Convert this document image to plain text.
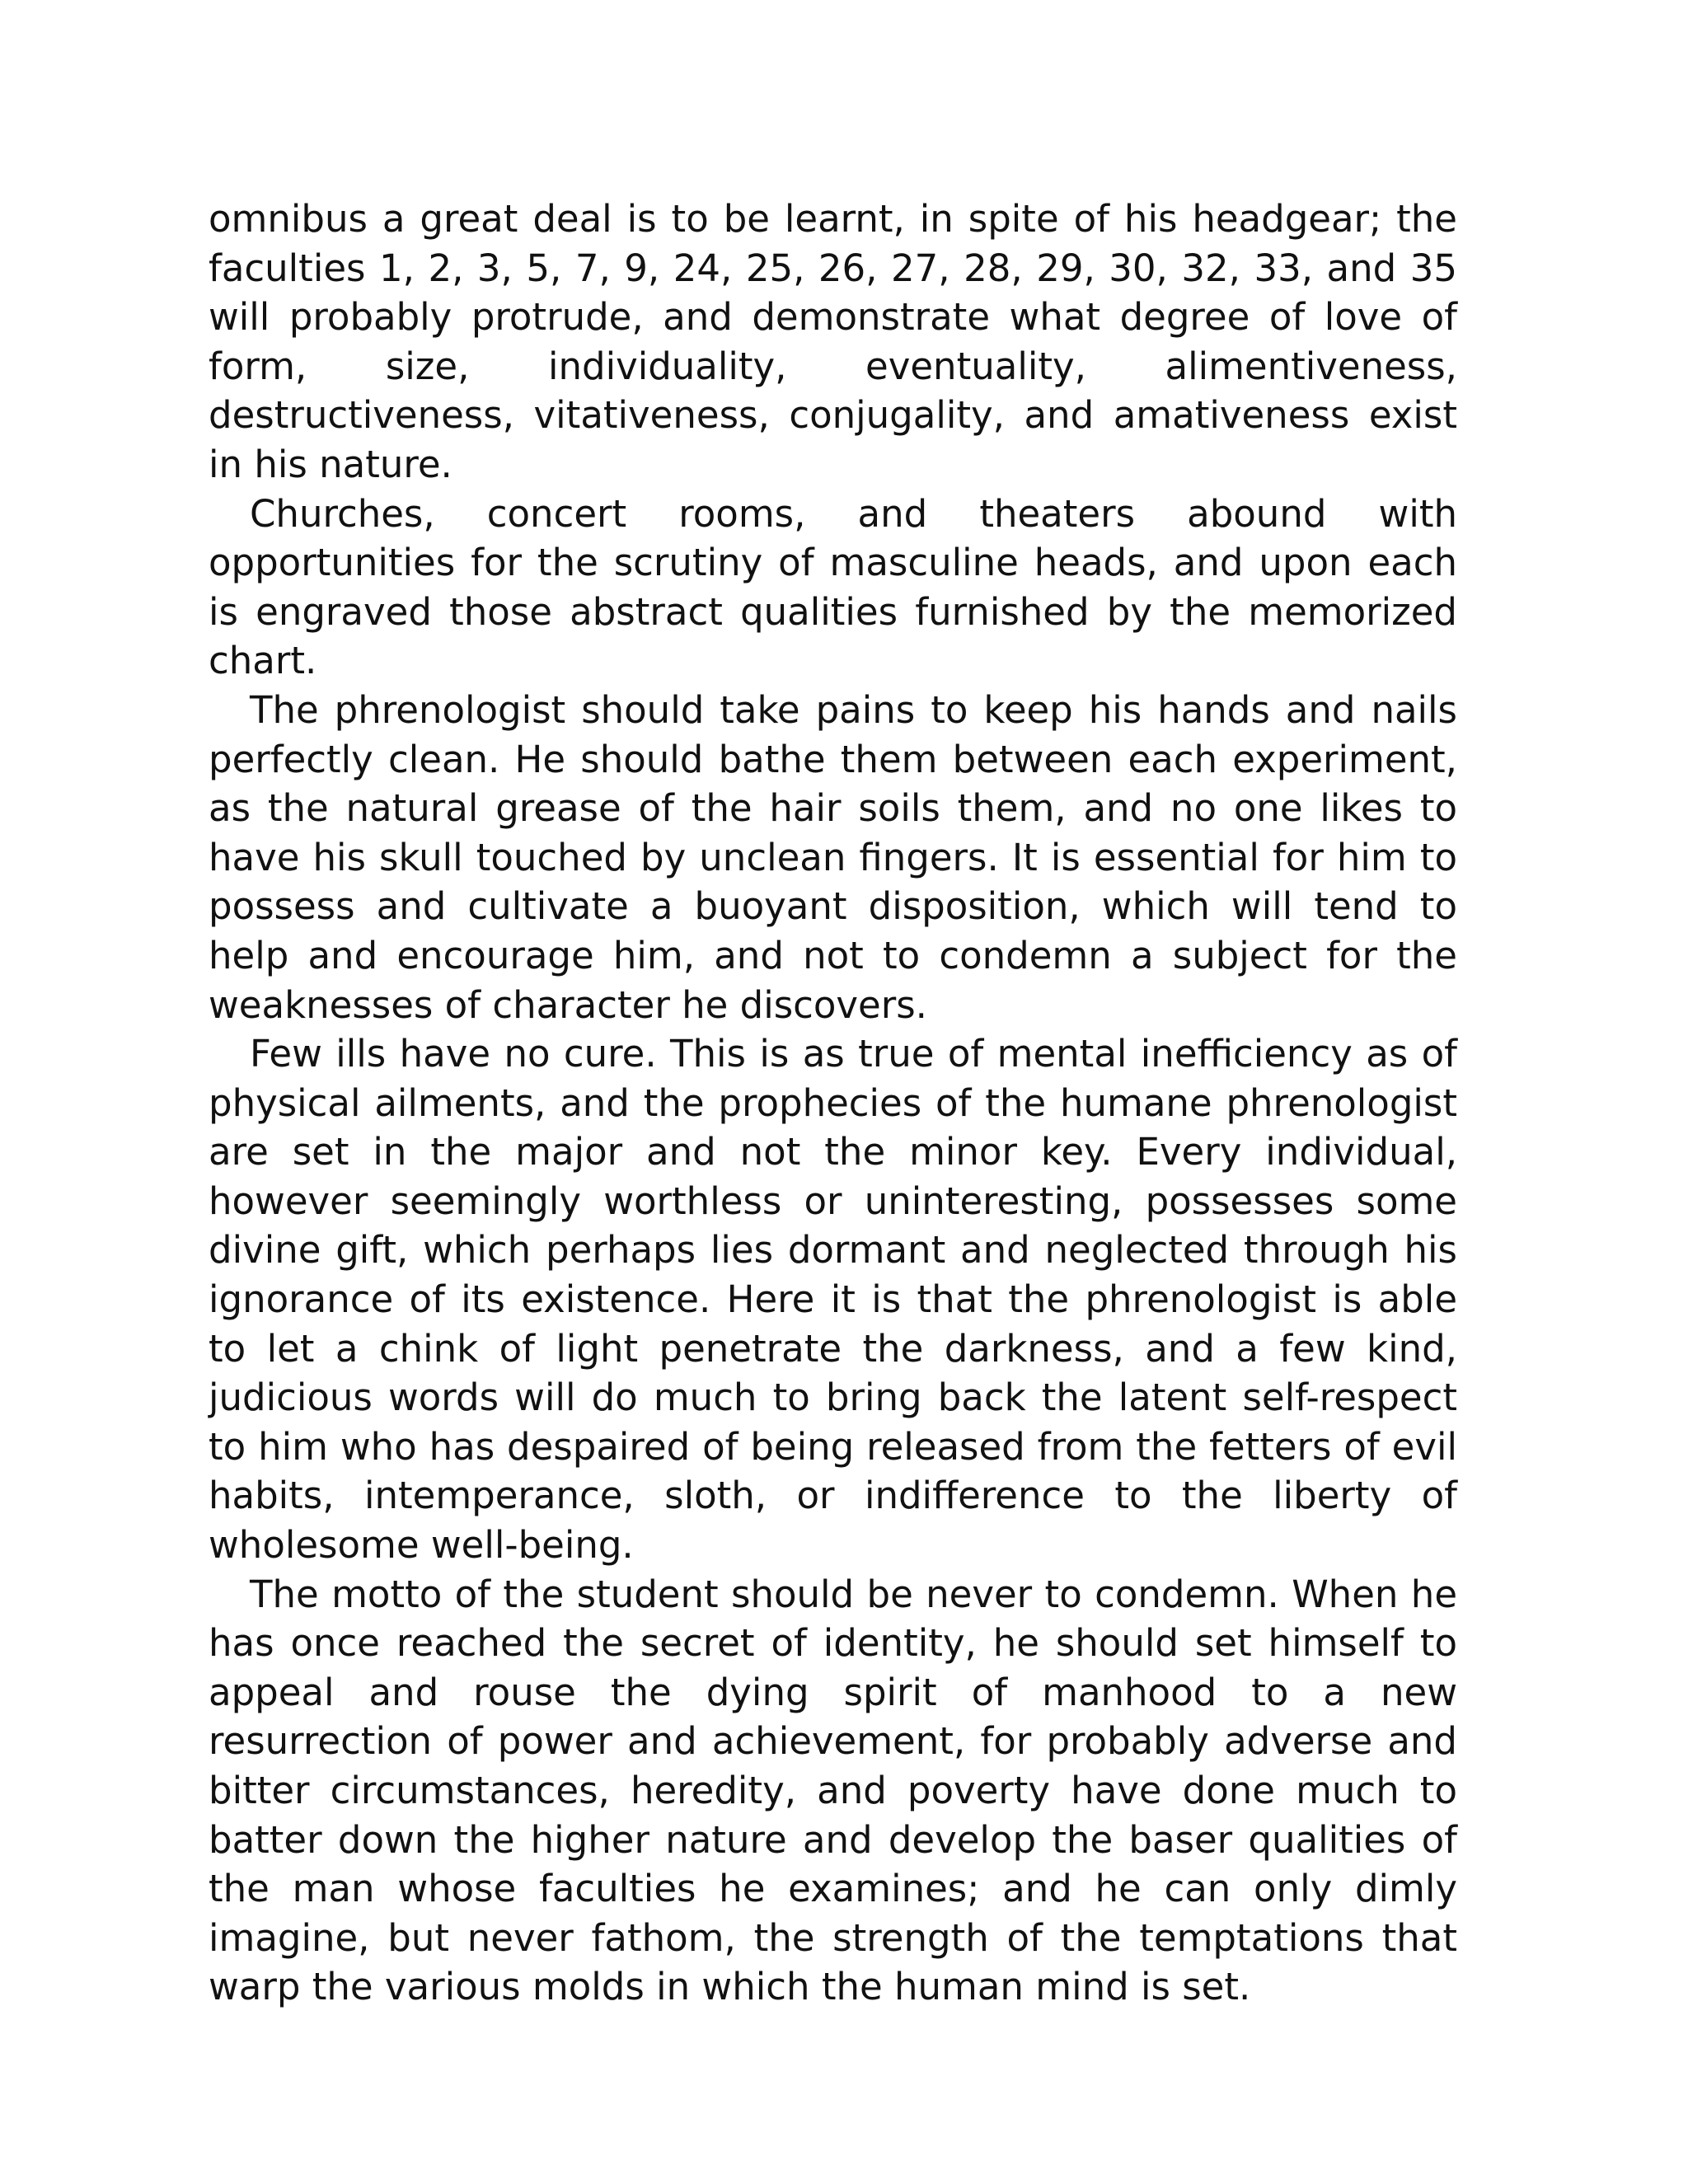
omnibus a great deal is to be learnt, in spite of his headgear; the faculties 1, 2, 3, 5, 7, 9, 24, 25, 26, 27, 28, 29, 30, 32, 33, and 35 will probably protrude, and demonstrate what degree of love of form, size, individuality, eventuality, alimentiveness, destructiveness, vitativeness, conjugality, and amativeness exist in his nature.

Churches, concert rooms, and theaters abound with opportunities for the scrutiny of masculine heads, and upon each is engraved those abstract qualities furnished by the memorized chart.

The phrenologist should take pains to keep his hands and nails perfectly clean. He should bathe them between each experiment, as the natural grease of the hair soils them, and no one likes to have his skull touched by unclean fingers. It is essential for him to possess and cultivate a buoyant disposition, which will tend to help and encourage him, and not to condemn a subject for the weaknesses of character he discovers.

Few ills have no cure. This is as true of mental inefficiency as of physical ailments, and the prophecies of the humane phrenologist are set in the major and not the minor key. Every individual, however seemingly worthless or uninteresting, possesses some divine gift, which perhaps lies dormant and neglected through his ignorance of its existence. Here it is that the phrenologist is able to let a chink of light penetrate the darkness, and a few kind, judicious words will do much to bring back the latent self-respect to him who has despaired of being released from the fetters of evil habits, intemperance, sloth, or indifference to the liberty of wholesome well-being.

The motto of the student should be never to condemn. When he has once reached the secret of identity, he should set himself to appeal and rouse the dying spirit of manhood to a new resurrection of power and achievement, for probably adverse and bitter circumstances, heredity, and poverty have done much to batter down the higher nature and develop the baser qualities of the man whose faculties he examines; and he can only dimly imagine, but never fathom, the strength of the temptations that warp the various molds in which the human mind is set.
